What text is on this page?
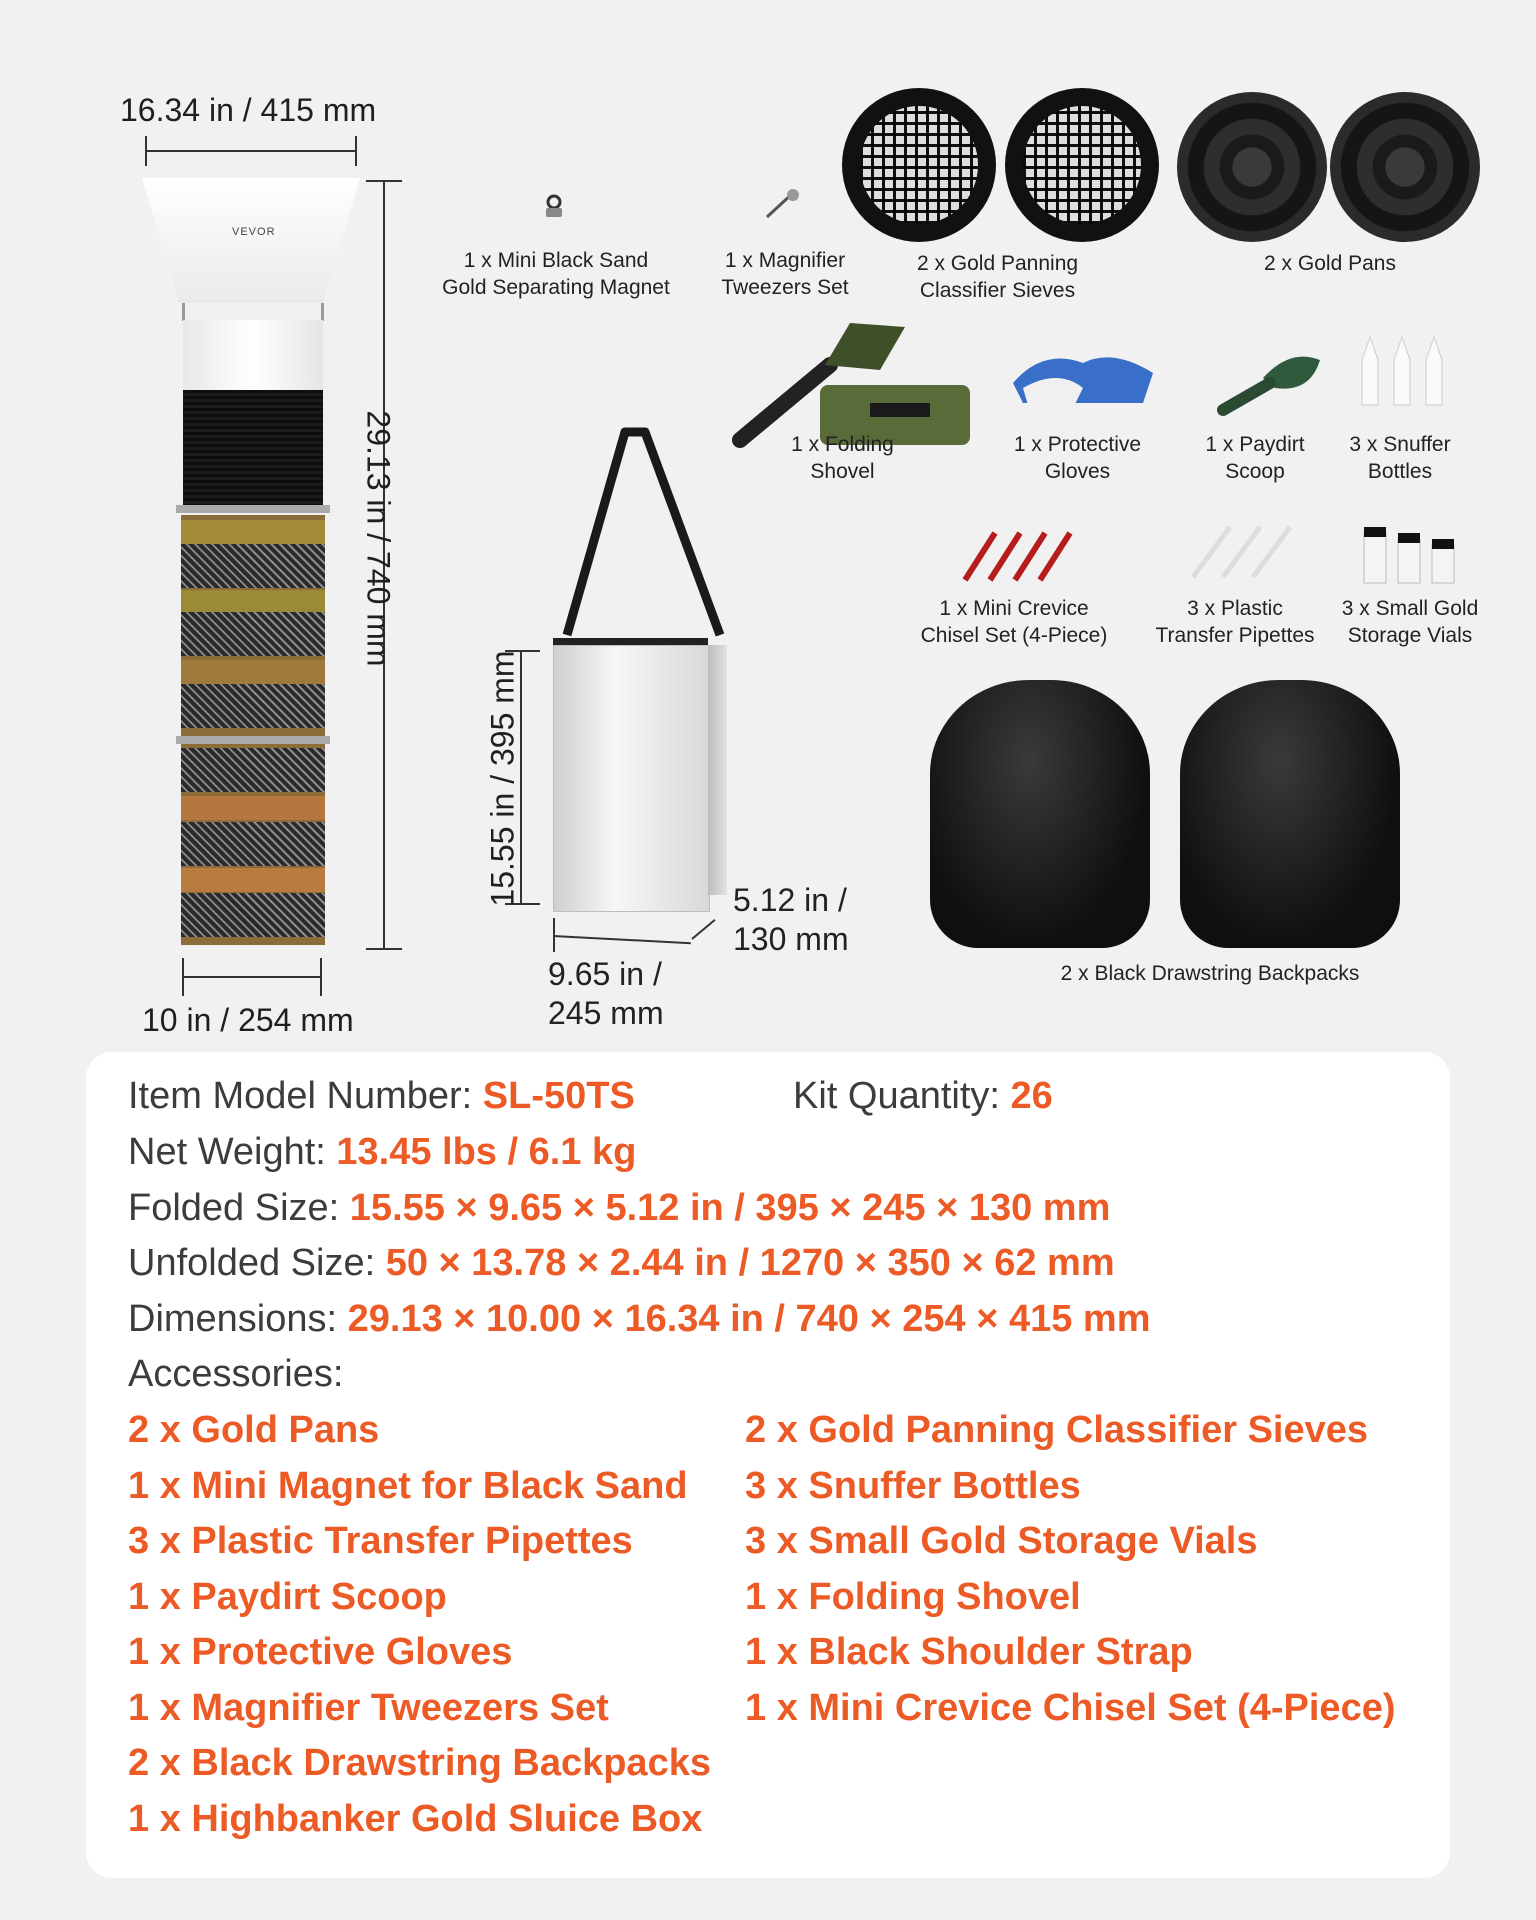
16.34 in / 415 mm
VEVOR
29.13 in / 740 mm
10 in / 254 mm
15.55 in / 395 mm
9.65 in /
245 mm
5.12 in /
130 mm
1 x Mini Black Sand
Gold Separating Magnet
1 x Magnifier
Tweezers Set
2 x Gold Panning
Classifier Sieves
2 x Gold Pans
1 x Folding
Shovel
1 x Protective
Gloves
1 x Paydirt
Scoop
3 x Snuffer
Bottles
1 x Mini Crevice
Chisel Set (4-Piece)
3 x Plastic
Transfer Pipettes
3 x Small Gold
Storage Vials
2 x Black Drawstring Backpacks
Item Model Number: SL-50TS	Kit Quantity: 26
Net Weight: 13.45 lbs / 6.1 kg
Folded Size: 15.55 × 9.65 × 5.12 in / 395 × 245 × 130 mm
Unfolded Size: 50 × 13.78 × 2.44 in / 1270 × 350 × 62 mm
Dimensions: 29.13 × 10.00 × 16.34 in / 740 × 254 × 415 mm
Accessories:
2 x Gold Pans
1 x Mini Magnet for Black Sand
3 x Plastic Transfer Pipettes
1 x Paydirt Scoop
1 x Protective Gloves
1 x Magnifier Tweezers Set
2 x Black Drawstring Backpacks
1 x Highbanker Gold Sluice Box
2 x Gold Panning Classifier Sieves
3 x Snuffer Bottles
3 x Small Gold Storage Vials
1 x Folding Shovel
1 x Black Shoulder Strap
1 x Mini Crevice Chisel Set (4-Piece)
